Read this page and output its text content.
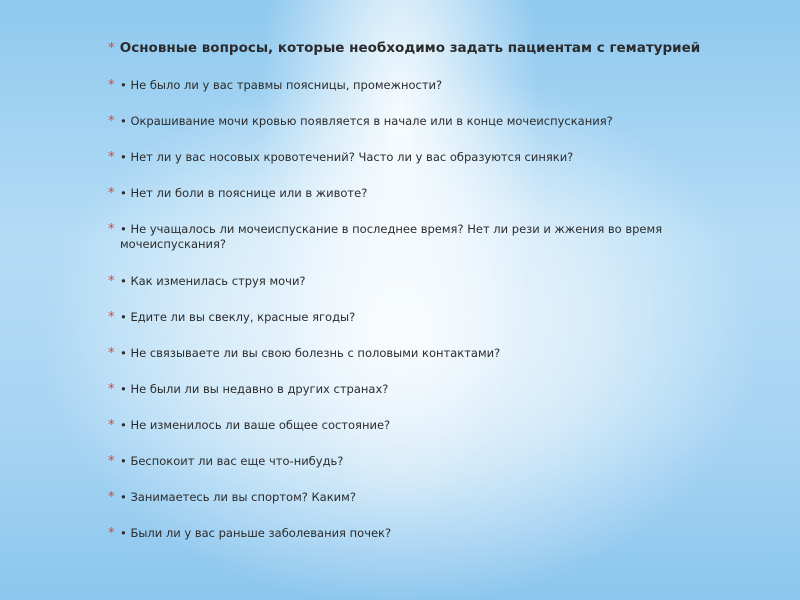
* Основные вопросы, которые необходимо задать пациентам с гематурией
* • Не было ли у вас травмы поясницы, промежности?
* • Окрашивание мочи кровью появляется в начале или в конце мочеиспускания?
* • Нет ли у вас носовых кровотечений? Часто ли у вас образуются синяки?
* • Нет ли боли в пояснице или в животе?
* • Не учащалось ли мочеиспускание в последнее время? Нет ли рези и жжения во время мочеиспускания?
* • Как изменилась струя мочи?
* • Едите ли вы свеклу, красные ягоды?
* • Не связываете ли вы свою болезнь с половыми контактами?
* • Не были ли вы недавно в других странах?
* • Не изменилось ли ваше общее состояние?
* • Беспокоит ли вас еще что-нибудь?
* • Занимаетесь ли вы спортом? Каким?
* • Были ли у вас раньше заболевания почек?
